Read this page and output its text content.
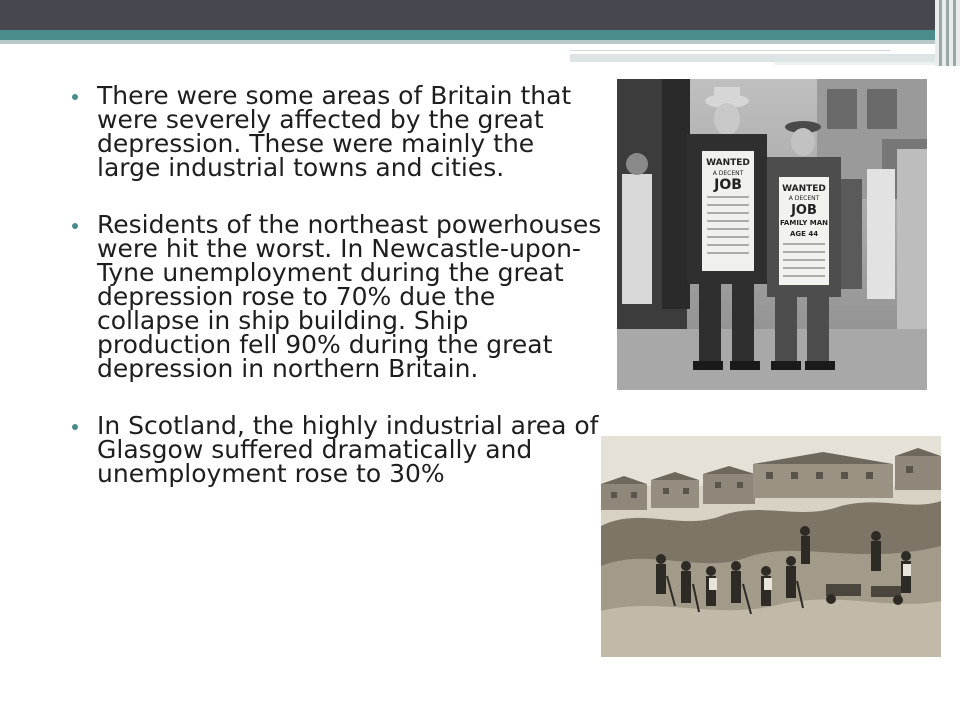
There were some areas of Britain that were severely affected by the great depression. These were mainly the large industrial towns and cities.
Residents of the northeast powerhouses were hit the worst. In Newcastle-upon-Tyne unemployment during the great depression rose to 70% due the collapse in ship building. Ship production fell 90% during the great depression in northern Britain.
In Scotland, the highly industrial area of Glasgow suffered dramatically and unemployment rose to 30%
WANTED
A DECENT
JOB	WANTED
A DECENT
JOB
FAMILY MAN
AGE 44
